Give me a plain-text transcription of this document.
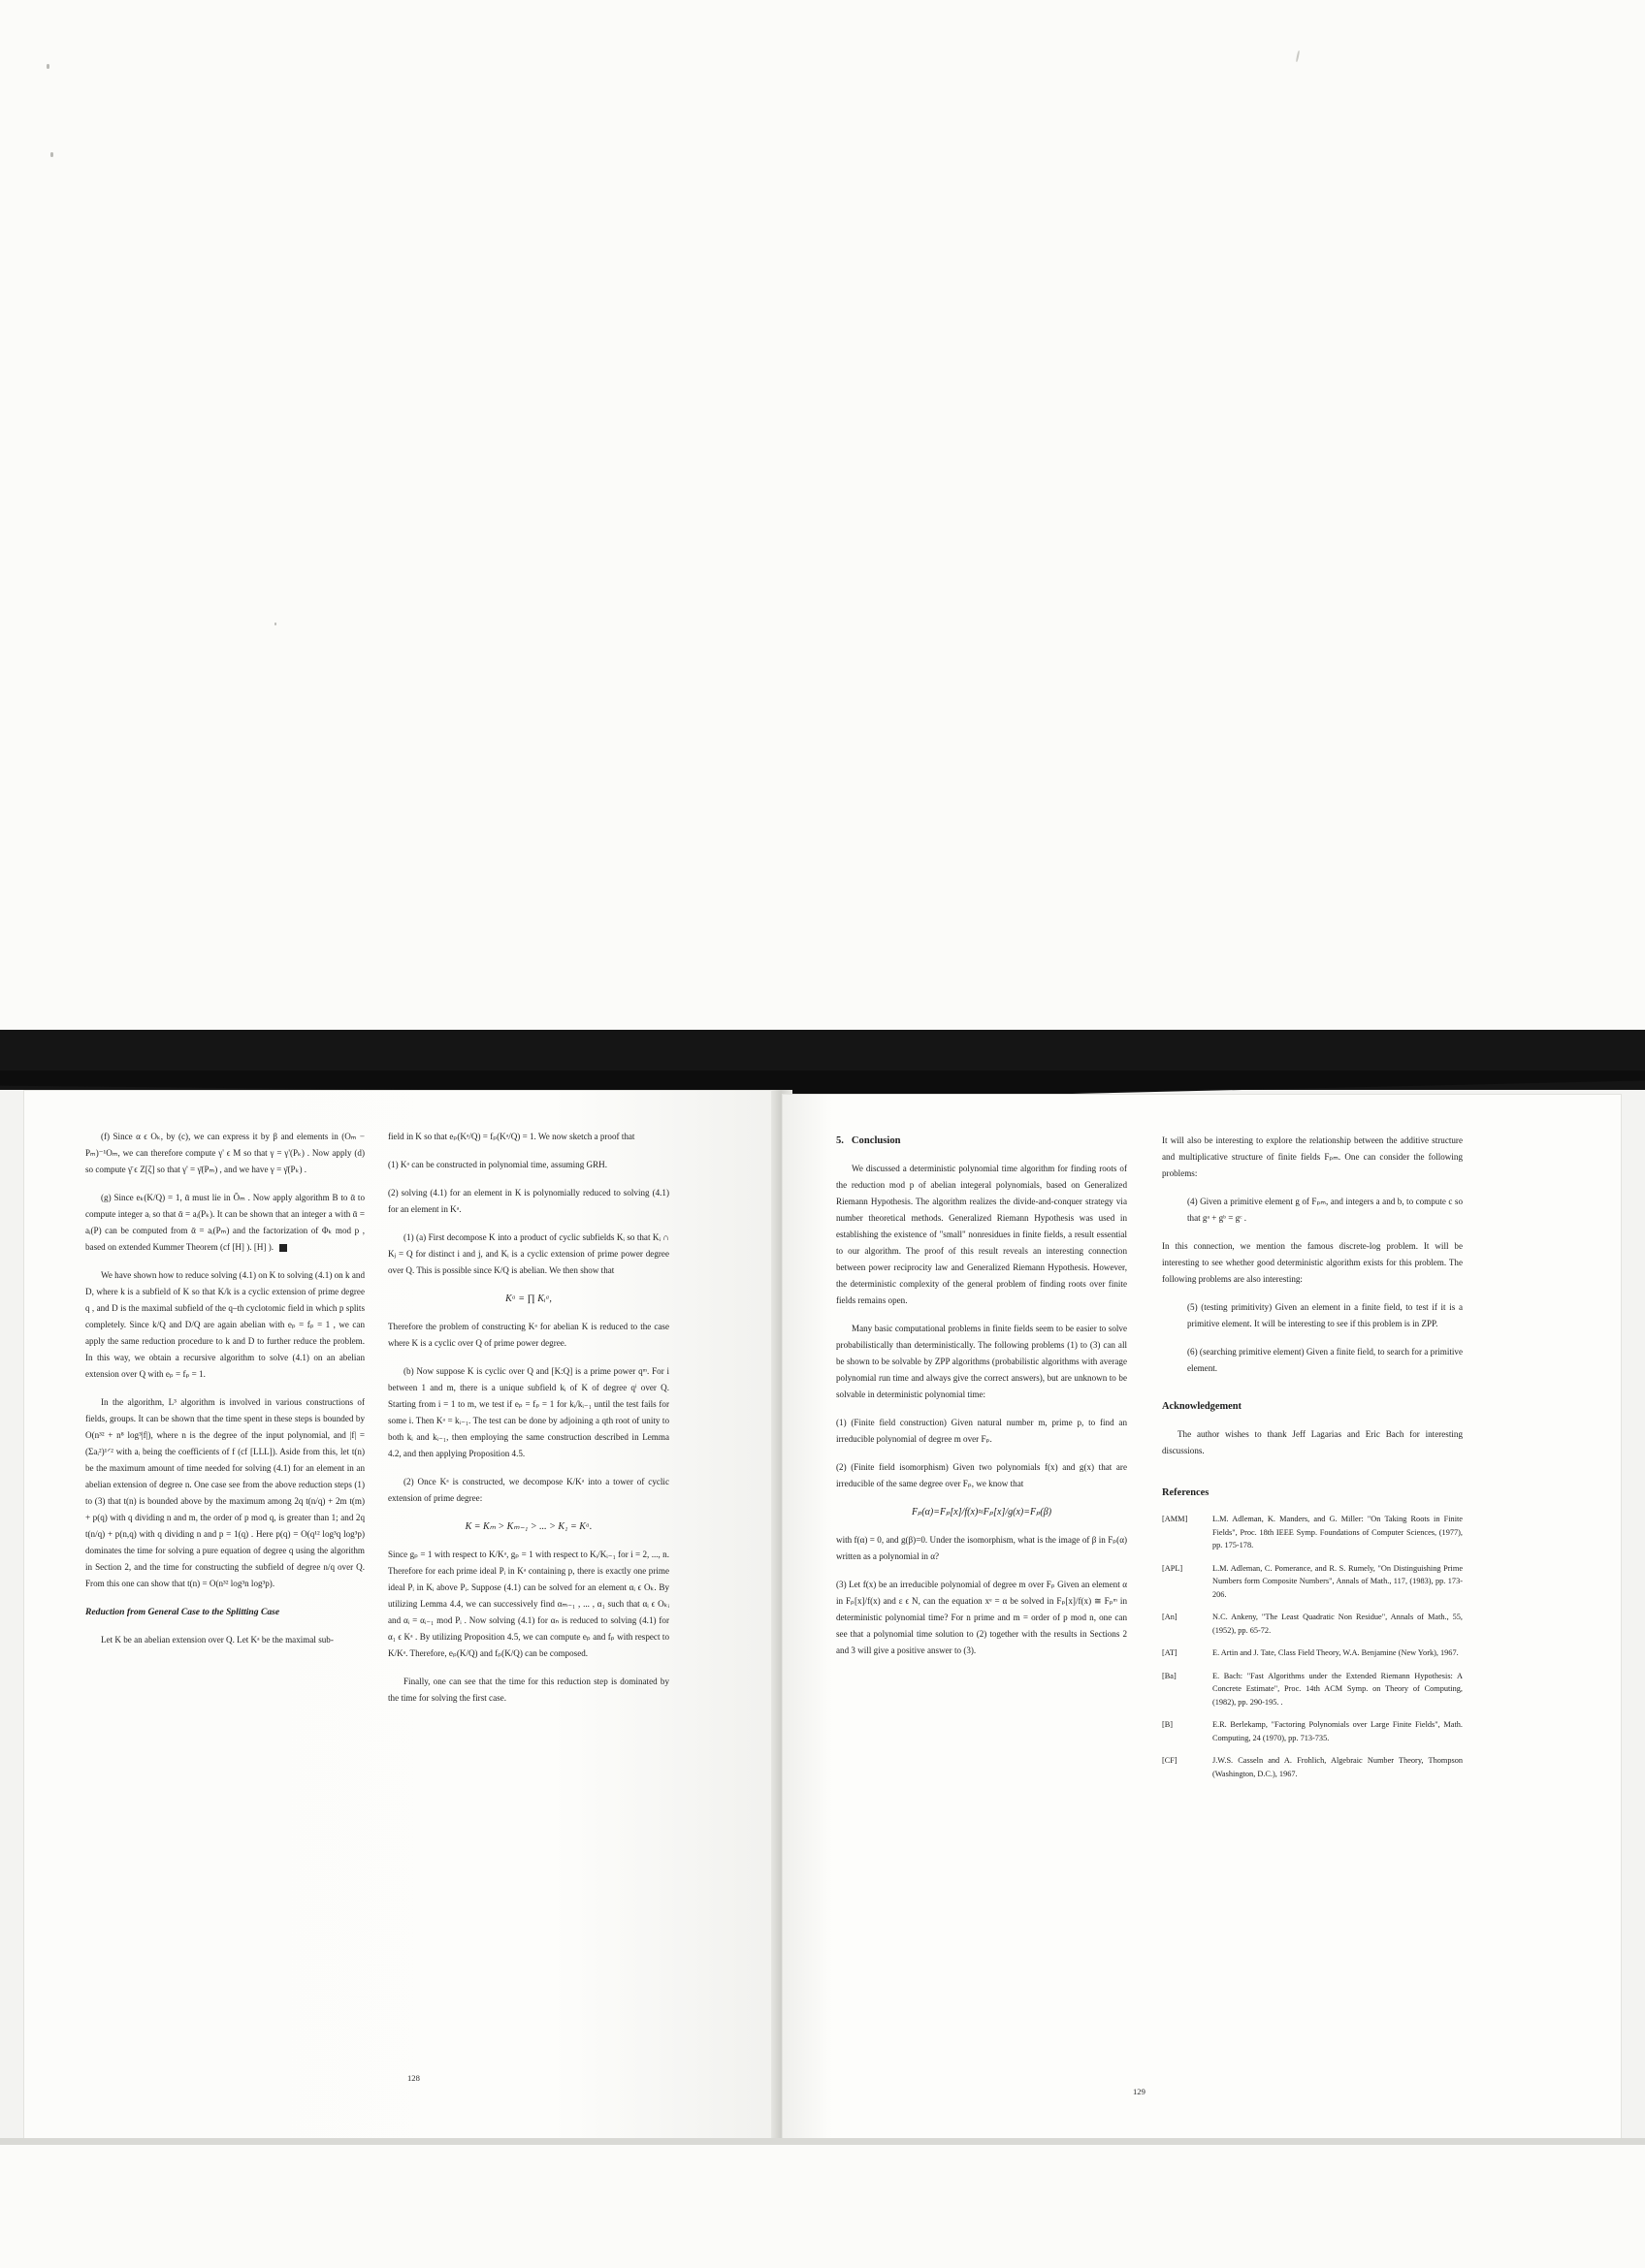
(f) Since α ϵ Oₖ, by (c), we can express it by β and elements in (Oₘ − Pₘ)⁻¹Oₘ, we can therefore compute γ' ϵ M so that γ = γ'(Pₖ) . Now apply (d) so compute γ̄ ϵ Z[ζ] so that γ' = γ̄(Pₘ) , and we have γ = γ̄(Pₖ) .

(g) Since eₖ(K/Q) = 1, ᾱ must lie in Ōₘ . Now apply algorithm B to ᾱ to compute integer aᵢ so that ᾱ = aᵢ(Pₖ). It can be shown that an integer a with ᾱ = aᵢ(P) can be computed from ᾱ = aᵢ(Pₘ) and the factorization of Φₖ mod p , based on extended Kummer Theorem (cf [H] ). [H] ).

We have shown how to reduce solving (4.1) on K to solving (4.1) on k and D, where k is a subfield of K so that K/k is a cyclic extension of prime degree q , and D is the maximal subfield of the q–th cyclotomic field in which p splits completely. Since k/Q and D/Q are again abelian with eₚ = fₚ = 1 , we can apply the same reduction procedure to k and D to further reduce the problem. In this way, we obtain a recursive algorithm to solve (4.1) on an abelian extension over Q with eₚ = fₚ = 1.

In the algorithm, L³ algorithm is involved in various constructions of fields, groups. It can be shown that the time spent in these steps is bounded by O(n³² + n⁸ log³|f|), where n is the degree of the input polynomial, and |f| = (Σaᵢ²)¹ᐟ² with aᵢ being the coefficients of f (cf [LLL]). Aside from this, let t(n) be the maximum amount of time needed for solving (4.1) for an element in an abelian extension of degree n. One case see from the above reduction steps (1) to (3) that t(n) is bounded above by the maximum among 2q t(n/q) + 2m t(m) + p(q) with q dividing n and m, the order of p mod q, is greater than 1; and 2q t(n/q) + p(n,q) with q dividing n and p = 1(q) . Here p(q) = O(q¹² log³q log³p) dominates the time for solving a pure equation of degree q using the algorithm in Section 2, and the time for constructing the subfield of degree n/q over Q. From this one can show that t(n) = O(n³² log³n log³p).

Reduction from General Case to the Splitting Case

Let K be an abelian extension over Q. Let Kᵃ be the maximal sub-

field in K so that eₚ(Kᵃ/Q) = fₚ(Kᵃ/Q) = 1. We now sketch a proof that

(1) Kᵃ can be constructed in polynomial time, assuming GRH.

(2) solving (4.1) for an element in K is polynomially reduced to solving (4.1) for an element in Kᵃ.

(1) (a) First decompose K into a product of cyclic subfields Kᵢ so that Kᵢ ∩ Kⱼ = Q for distinct i and j, and Kᵢ is a cyclic extension of prime power degree over Q. This is possible since K/Q is abelian. We then show that

Kᵃ = ∏ Kᵢᵃ,

Therefore the problem of constructing Kᵃ for abelian K is reduced to the case where K is a cyclic over Q of prime power degree.

(b) Now suppose K is cyclic over Q and [K:Q] is a prime power qᵐ. For i between 1 and m, there is a unique subfield kᵢ of K of degree qⁱ over Q. Starting from i = 1 to m, we test if eₚ = fₚ = 1 for kᵢ/kᵢ₋₁ until the test fails for some i. Then Kᵃ = kᵢ₋₁. The test can be done by adjoining a qth root of unity to both kᵢ and kᵢ₋₁, then employing the same construction described in Lemma 4.2, and then applying Proposition 4.5.

(2) Once Kᵃ is constructed, we decompose K/Kᵃ into a tower of cyclic extension of prime degree:

K = Kₘ > Kₘ₋₁ > ... > K₁ = Kᵃ.

Since gₚ = 1 with respect to K/Kᵃ, gₚ = 1 with respect to Kᵢ/Kᵢ₋₁ for i = 2, ..., n. Therefore for each prime ideal Pᵢ in Kᵃ containing p, there is exactly one prime ideal Pᵢ in Kᵢ above Pᵢ. Suppose (4.1) can be solved for an element αᵢ ϵ Oₖ. By utilizing Lemma 4.4, we can successively find αₘ₋₁ , ... , α₁ such that αᵢ ϵ Oₖᵢ and αᵢ = αᵢ₋₁ mod Pᵢ . Now solving (4.1) for αₙ is reduced to solving (4.1) for α₁ ϵ Kᵃ . By utilizing Proposition 4.5, we can compute eₚ and fₚ with respect to K/Kᵃ. Therefore, eₚ(K/Q) and fₚ(K/Q) can be composed.

Finally, one can see that the time for this reduction step is dominated by the time for solving the first case.

128

5. Conclusion

We discussed a deterministic polynomial time algorithm for finding roots of the reduction mod p of abelian integeral polynomials, based on Generalized Riemann Hypothesis. The algorithm realizes the divide-and-conquer strategy via number theoretical methods. Generalized Riemann Hypothesis was used in establishing the existence of "small" nonresidues in finite fields, a result essential to our algorithm. The proof of this result reveals an interesting connection between power reciprocity law and Generalized Riemann Hypothesis. However, the deterministic complexity of the general problem of finding roots over finite fields remains open.

Many basic computational problems in finite fields seem to be easier to solve probabilistically than deterministically. The following problems (1) to (3) can all be shown to be solvable by ZPP algorithms (probabilistic algorithms with average polynomial run time and always give the correct answers), but are unknown to be solvable in deterministic polynomial time:

(1) (Finite field construction) Given natural number m, prime p, to find an irreducible polynomial of degree m over Fₚ.

(2) (Finite field isomorphism) Given two polynomials f(x) and g(x) that are irreducible of the same degree over Fₚ, we know that

Fₚ(α)=Fₚ[x]/f(x)≈Fₚ[x]/g(x)=Fₚ(β)

with f(α) = 0, and g(β)=0. Under the isomorphism, what is the image of β in Fₚ(α) written as a polynomial in α?

(3) Let f(x) be an irreducible polynomial of degree m over Fₚ Given an element α in Fₚ[x]/f(x) and ε ϵ N, can the equation xᵉ = α be solved in Fₚ[x]/f(x) ≅ Fₚᵐ in deterministic polynomial time? For n prime and m = order of p mod n, one can see that a polynomial time solution to (2) together with the results in Sections 2 and 3 will give a positive answer to (3).

It will also be interesting to explore the relationship between the additive structure and multiplicative structure of finite fields Fₚₘ. One can consider the following problems:

(4) Given a primitive element g of Fₚₘ, and integers a and b, to compute c so that gᵃ + gᵇ = gᶜ .

In this connection, we mention the famous discrete-log problem. It will be interesting to see whether good deterministic algorithm exists for this problem. The following problems are also interesting:

(5) (testing primitivity) Given an element in a finite field, to test if it is a primitive element. It will be interesting to see if this problem is in ZPP.

(6) (searching primitive element) Given a finite field, to search for a primitive element.

Acknowledgement

The author wishes to thank Jeff Lagarias and Eric Bach for interesting discussions.

References

[AMM]	L.M. Adleman, K. Manders, and G. Miller: "On Taking Roots in Finite Fields", Proc. 18th IEEE Symp. Foundations of Computer Sciences, (1977), pp. 175-178.
[APL]	L.M. Adleman, C. Pomerance, and R. S. Rumely, "On Distinguishing Prime Numbers form Composite Numbers", Annals of Math., 117, (1983), pp. 173-206.
[An]	N.C. Ankeny, "The Least Quadratic Non Residue", Annals of Math., 55, (1952), pp. 65-72.
[AT]	E. Artin and J. Tate, Class Field Theory, W.A. Benjamine (New York), 1967.
[Ba]	E. Bach: "Fast Algorithms under the Extended Riemann Hypothesis: A Concrete Estimate", Proc. 14th ACM Symp. on Theory of Computing, (1982), pp. 290-195. .
[B]	E.R. Berlekamp, "Factoring Polynomials over Large Finite Fields", Math. Computing, 24 (1970), pp. 713-735.
[CF]	J.W.S. Casseln and A. Frohlich, Algebraic Number Theory, Thompson (Washington, D.C.), 1967.
129
